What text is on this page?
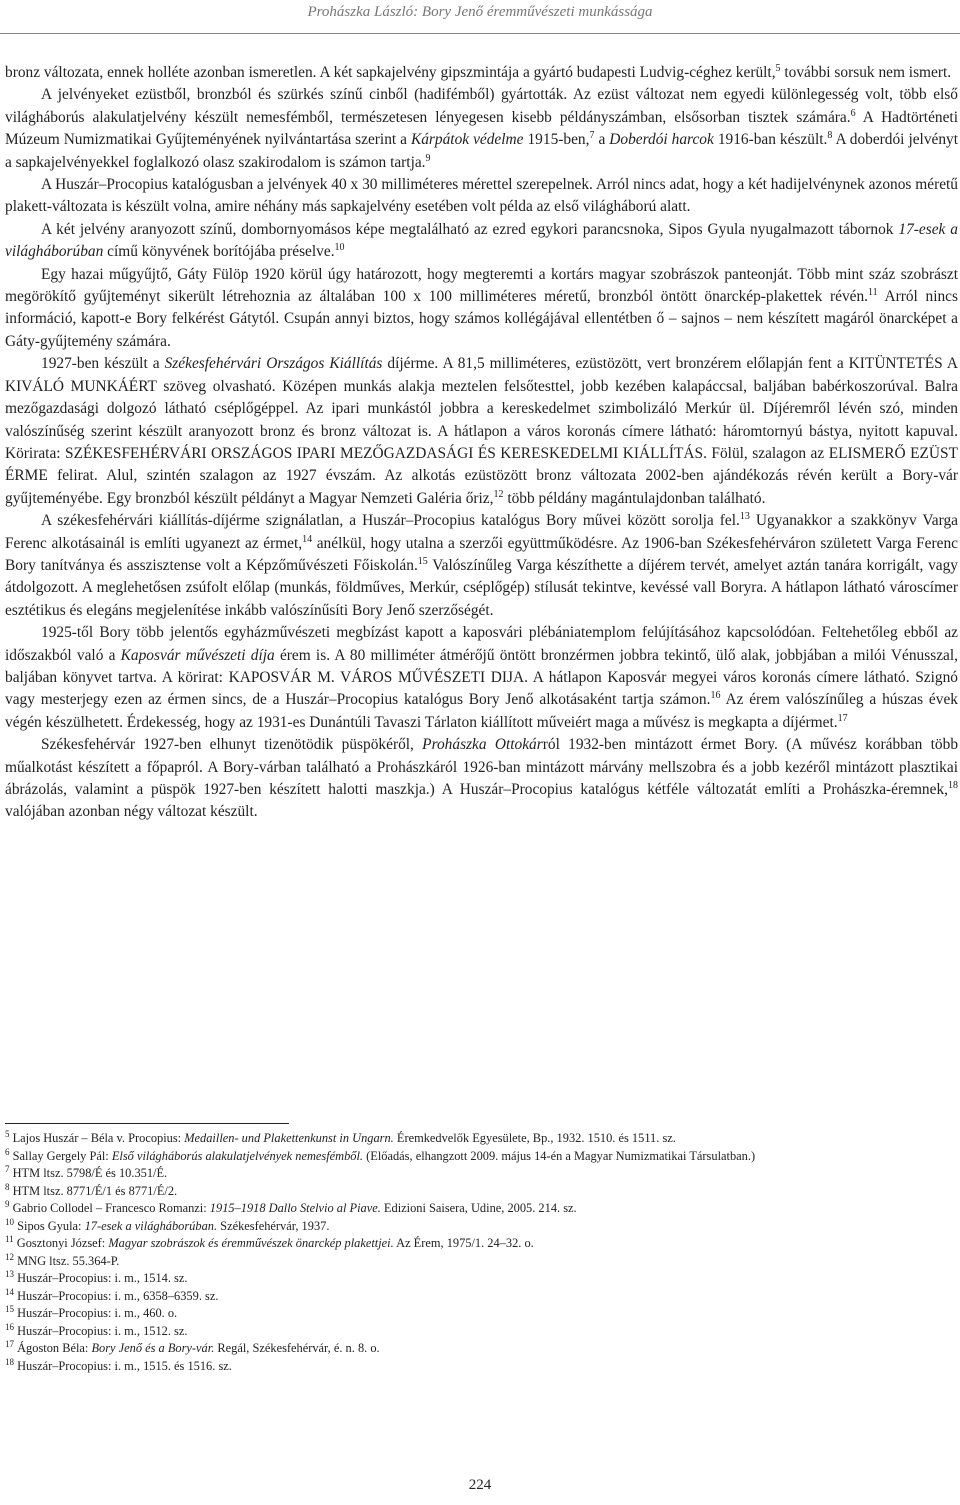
Prohászka László: Bory Jenő éremművészeti munkássága

bronz változata, ennek holléte azonban ismeretlen. A két sapkajelvény gipszmintája a gyártó budapesti Ludvig-céghez került,$^5$ további sorsuk nem ismert.

A jelvényeket ezüstből, bronzból és szürkés színű cinből (hadifémből) gyártották. Az ezüst változat nem egyedi különlegesség volt, több első világháborús alakulatjelvény készült nemesfémből, természetesen lényegesen kisebb példányszámban, elsősorban tisztek számára.$^6$ A Hadtörténeti Múzeum Numizmatikai Gyűjteményének nyilvántartása szerint a Kárpátok védelme 1915-ben,$^7$ a Doberdói harcok 1916-ban készült.$^8$ A doberdói jelvényt a sapkajelvényekkel foglalkozó olasz szakirodalom is számon tartja.$^9$

A Huszár–Procopius katalógusban a jelvények 40 x 30 milliméteres mérettel szerepelnek. Arról nincs adat, hogy a két hadijelvénynek azonos méretű plakett-változata is készült volna, amire néhány más sapkajelvény esetében volt példa az első világháború alatt.

A két jelvény aranyozott színű, dombornyomásos képe megtalálható az ezred egykori parancsnoka, Sipos Gyula nyugalmazott tábornok 17-esek a világháborúban című könyvének borítójába préselve.$^{10}$

Egy hazai műgyűjtő, Gáty Fülöp 1920 körül úgy határozott, hogy megteremti a kortárs magyar szobrászok panteonját. Több mint száz szobrászt megörökítő gyűjteményt sikerült létrehoznia az általában 100 x 100 milliméteres méretű, bronzból öntött önarckép-plakettek révén.$^{11}$ Arról nincs információ, kapott-e Bory felkérést Gátytól. Csupán annyi biztos, hogy számos kollégájával ellentétben ő – sajnos – nem készített magáról önarcképet a Gáty-gyűjtemény számára.

1927-ben készült a Székesfehérvári Országos Kiállítás díjérme. A 81,5 milliméteres, ezüstözött, vert bronzérem előlapján fent a KITÜNTETÉS A KIVÁLÓ MUNKÁÉRT szöveg olvasható. Középen munkás alakja meztelen felsőtesttel, jobb kezében kalapáccsal, baljában babérkoszorúval. Balra mezőgazdasági dolgozó látható cséplőgéppel. Az ipari munkástól jobbra a kereskedelmet szimbolizáló Merkúr ül. Díjéremről lévén szó, minden valószínűség szerint készült aranyozott bronz és bronz változat is. A hátlapon a város koronás címere látható: háromtornyú bástya, nyitott kapuval. Körirata: SZÉKESFEHÉRVÁRI ORSZÁGOS IPARI MEZŐGAZDASÁGI ÉS KERESKEDELMI KIÁLLÍTÁS. Fölül, szalagon az ELISMERŐ EZÜST ÉRME felirat. Alul, szintén szalagon az 1927 évszám. Az alkotás ezüstözött bronz változata 2002-ben ajándékozás révén került a Bory-vár gyűjteményébe. Egy bronzból készült példányt a Magyar Nemzeti Galéria őriz,$^{12}$ több példány magántulajdonban található.

A székesfehérvári kiállítás-díjérme szignálatlan, a Huszár–Procopius katalógus Bory művei között sorolja fel.$^{13}$ Ugyanakkor a szakkönyv Varga Ferenc alkotásainál is említi ugyanezt az érmet,$^{14}$ anélkül, hogy utalna a szerzői együttműködésre. Az 1906-ban Székesfehérváron született Varga Ferenc Bory tanítványa és asszisztense volt a Képzőművészeti Főiskolán.$^{15}$ Valószínűleg Varga készíthette a díjérem tervét, amelyet aztán tanára korrigált, vagy átdolgozott. A meglehetősen zsúfolt előlap (munkás, földműves, Merkúr, cséplőgép) stílusát tekintve, kevéssé vall Boryra. A hátlapon látható városcímer esztétikus és elegáns megjelenítése inkább valószínűsíti Bory Jenő szerzőségét.

1925-től Bory több jelentős egyházművészeti megbízást kapott a kaposvári plébániatemplom felújításához kapcsolódóan. Feltehetőleg ebből az időszakból való a Kaposvár művészeti díja érem is. A 80 milliméter átmérőjű öntött bronzérmen jobbra tekintő, ülő alak, jobbjában a milói Vénusszal, baljában könyvet tartva. A körirat: KAPOSVÁR M. VÁROS MŰVÉSZETI DIJA. A hátlapon Kaposvár megyei város koronás címere látható. Szignó vagy mesterjegy ezen az érmen sincs, de a Huszár–Procopius katalógus Bory Jenő alkotásaként tartja számon.$^{16}$ Az érem valószínűleg a húszas évek végén készülhetett. Érdekesség, hogy az 1931-es Dunántúli Tavaszi Tárlaton kiállított műveiért maga a művész is megkapta a díjérmet.$^{17}$

Székesfehérvár 1927-ben elhunyt tizenötödik püspökéről, Prohászka Ottokárról 1932-ben mintázott érmet Bory. (A művész korábban több műalkotást készített a főpapról. A Bory-várban található a Prohászkáról 1926-ban mintázott márvány mellszobra és a jobb kezéről mintázott plasztikai ábrázolás, valamint a püspök 1927-ben készített halotti maszkja.) A Huszár–Procopius katalógus kétféle változatát említi a Prohászka-éremnek,$^{18}$ valójában azonban négy változat készült.

$^5$ Lajos Huszár – Béla v. Procopius: Medaillen- und Plakettenkunst in Ungarn. Éremkedvelők Egyesülete, Bp., 1932. 1510. és 1511. sz.
$^6$ Sallay Gergely Pál: Első világháborús alakulatjelvények nemesfémből. (Előadás, elhangzott 2009. május 14-én a Magyar Numizmatikai Társulatban.)
$^7$ HTM ltsz. 5798/É és 10.351/É.
$^8$ HTM ltsz. 8771/É/1 és 8771/É/2.
$^9$ Gabrio Collodel – Francesco Romanzi: 1915–1918 Dallo Stelvio al Piave. Edizioni Saisera, Udine, 2005. 214. sz.
$^{10}$ Sipos Gyula: 17-esek a világháborúban. Székesfehérvár, 1937.
$^{11}$ Gosztonyi József: Magyar szobrászok és éremművészek önarckép plakettjei. Az Érem, 1975/1. 24–32. o.
$^{12}$ MNG ltsz. 55.364-P.
$^{13}$ Huszár–Procopius: i. m., 1514. sz.
$^{14}$ Huszár–Procopius: i. m., 6358–6359. sz.
$^{15}$ Huszár–Procopius: i. m., 460. o.
$^{16}$ Huszár–Procopius: i. m., 1512. sz.
$^{17}$ Ágoston Béla: Bory Jenő és a Bory-vár. Regál, Székesfehérvár, é. n. 8. o.
$^{18}$ Huszár–Procopius: i. m., 1515. és 1516. sz.
224
